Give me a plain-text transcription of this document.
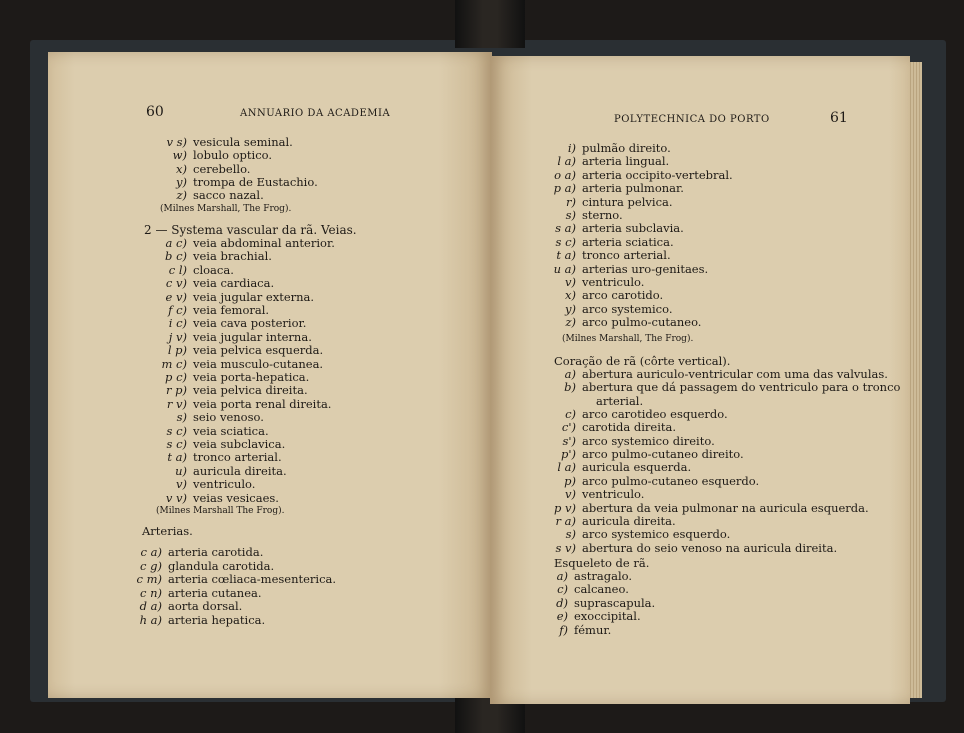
60	ANNUARIO DA ACADEMIA
v s) vesicula seminal.
w) lobulo optico.
x) cerebello.
y) trompa de Eustachio.
z) sacco nazal.
(Milnes Marshall, The Frog).
2 — Systema vascular da rã. Veias.
a c) veia abdominal anterior.
b c) veia brachial.
c l) cloaca.
c v) veia cardiaca.
e v) veia jugular externa.
f c) veia femoral.
i c) veia cava posterior.
j v) veia jugular interna.
l p) veia pelvica esquerda.
m c) veia musculo-cutanea.
p c) veia porta-hepatica.
r p) veia pelvica direita.
r v) veia porta renal direita.
s) seio venoso.
s c) veia sciatica.
s c) veia subclavica.
t a) tronco arterial.
u) auricula direita.
v) ventriculo.
v v) veias vesicaes.
(Milnes Marshall The Frog).
Arterias.
c a) arteria carotida.
c g) glandula carotida.
c m) arteria cœliaca-mesenterica.
c n) arteria cutanea.
d a) aorta dorsal.
h a) arteria hepatica.
POLYTECHNICA DO PORTO	61
i) pulmão direito.
l a) arteria lingual.
o a) arteria occipito-vertebral.
p a) arteria pulmonar.
r) cintura pelvica.
s) sterno.
s a) arteria subclavia.
s c) arteria sciatica.
t a) tronco arterial.
u a) arterias uro-genitaes.
v) ventriculo.
x) arco carotido.
y) arco systemico.
z) arco pulmo-cutaneo.
(Milnes Marshall, The Frog).
Coração de rã (côrte vertical).
a) abertura auriculo-ventricular com uma das valvulas.
b) abertura que dá passagem do ventriculo para o tronco
arterial.
c) arco carotideo esquerdo.
c') carotida direita.
s') arco systemico direito.
p') arco pulmo-cutaneo direito.
l a) auricula esquerda.
p) arco pulmo-cutaneo esquerdo.
v) ventriculo.
p v) abertura da veia pulmonar na auricula esquerda.
r a) auricula direita.
s) arco systemico esquerdo.
s v) abertura do seio venoso na auricula direita.
Esqueleto de rã.
a) astragalo.
c) calcaneo.
d) suprascapula.
e) exoccipital.
f) fémur.
